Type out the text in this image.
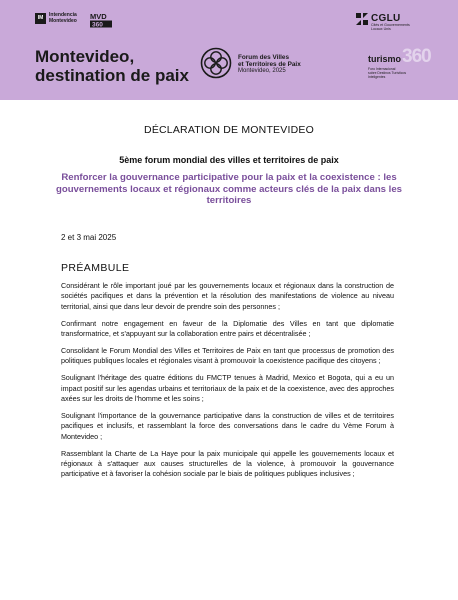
IM Intendencia
Montevideo MVD
360
CGLU
Cités et Gouvernements
Locaux Unis
Montevideo,
destination de paix
Forum des Villes
et Territoires de Paix
Montevideo, 2025
360
turismo
Foro Internacional
sobre Destinos Turísticos
Inteligentes
DÉCLARATION DE MONTEVIDEO
5ème forum mondial des villes et territoires de paix
Renforcer la gouvernance participative pour la paix et la coexistence : les gouvernements locaux et régionaux comme acteurs clés de la paix dans les territoires
2 et 3 mai 2025
PRÉAMBULE

Considérant le rôle important joué par les gouvernements locaux et régionaux dans la construction de sociétés pacifiques et dans la prévention et la résolution des manifestations de violence au niveau territorial, ainsi que dans leur devoir de prendre soin des personnes ;

Confirmant notre engagement en faveur de la Diplomatie des Villes en tant que diplomatie transformatrice, et s'appuyant sur la collaboration entre pairs et décentralisée ;

Consolidant le Forum Mondial des Villes et Territoires de Paix en tant que processus de promotion des politiques publiques locales et régionales visant à promouvoir la coexistence pacifique des citoyens ;

Soulignant l'héritage des quatre éditions du FMCTP tenues à Madrid, Mexico et Bogota, qui a eu un impact positif sur les agendas urbains et territoriaux de la paix et de la coexistence, avec des approches axées sur les droits de l'homme et les soins ;

Soulignant l'importance de la gouvernance participative dans la construction de villes et de territoires pacifiques et inclusifs, et rassemblant la force des conversations dans le cadre du Vème Forum à Montevideo ;

Rassemblant la Charte de La Haye pour la paix municipale qui appelle les gouvernements locaux et régionaux à s'attaquer aux causes structurelles de la violence, à promouvoir la gouvernance participative et à favoriser la cohésion sociale par le biais de politiques publiques inclusives ;
